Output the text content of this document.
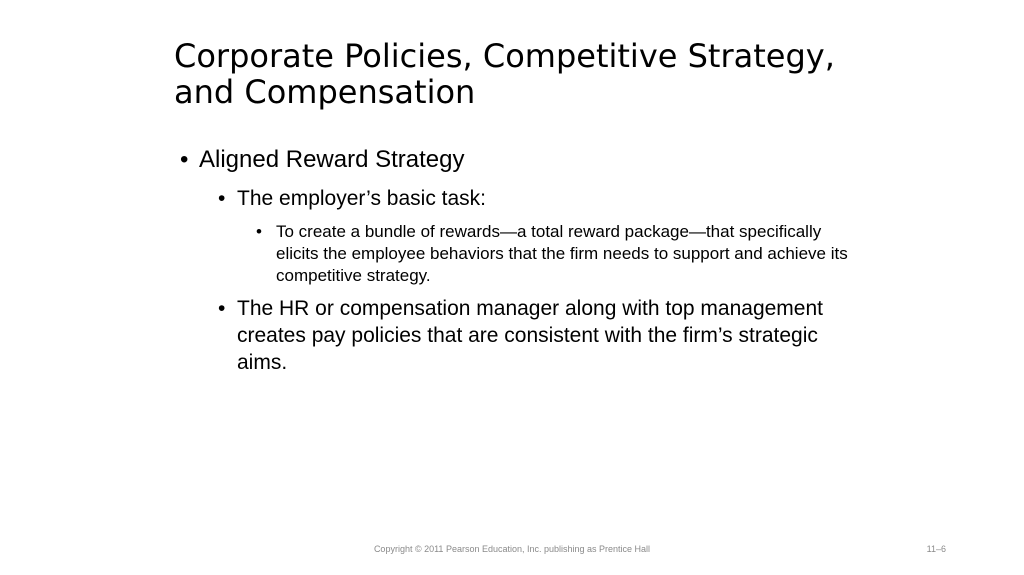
Corporate Policies, Competitive Strategy,
and Compensation
• Aligned Reward Strategy
• The employer’s basic task:
• To create a bundle of rewards—a total reward package—that specifically elicits the employee behaviors that the firm needs to support and achieve its competitive strategy.
• The HR or compensation manager along with top management creates pay policies that are consistent with the firm’s strategic aims.
Copyright © 2011 Pearson Education, Inc. publishing as Prentice Hall	11–6
